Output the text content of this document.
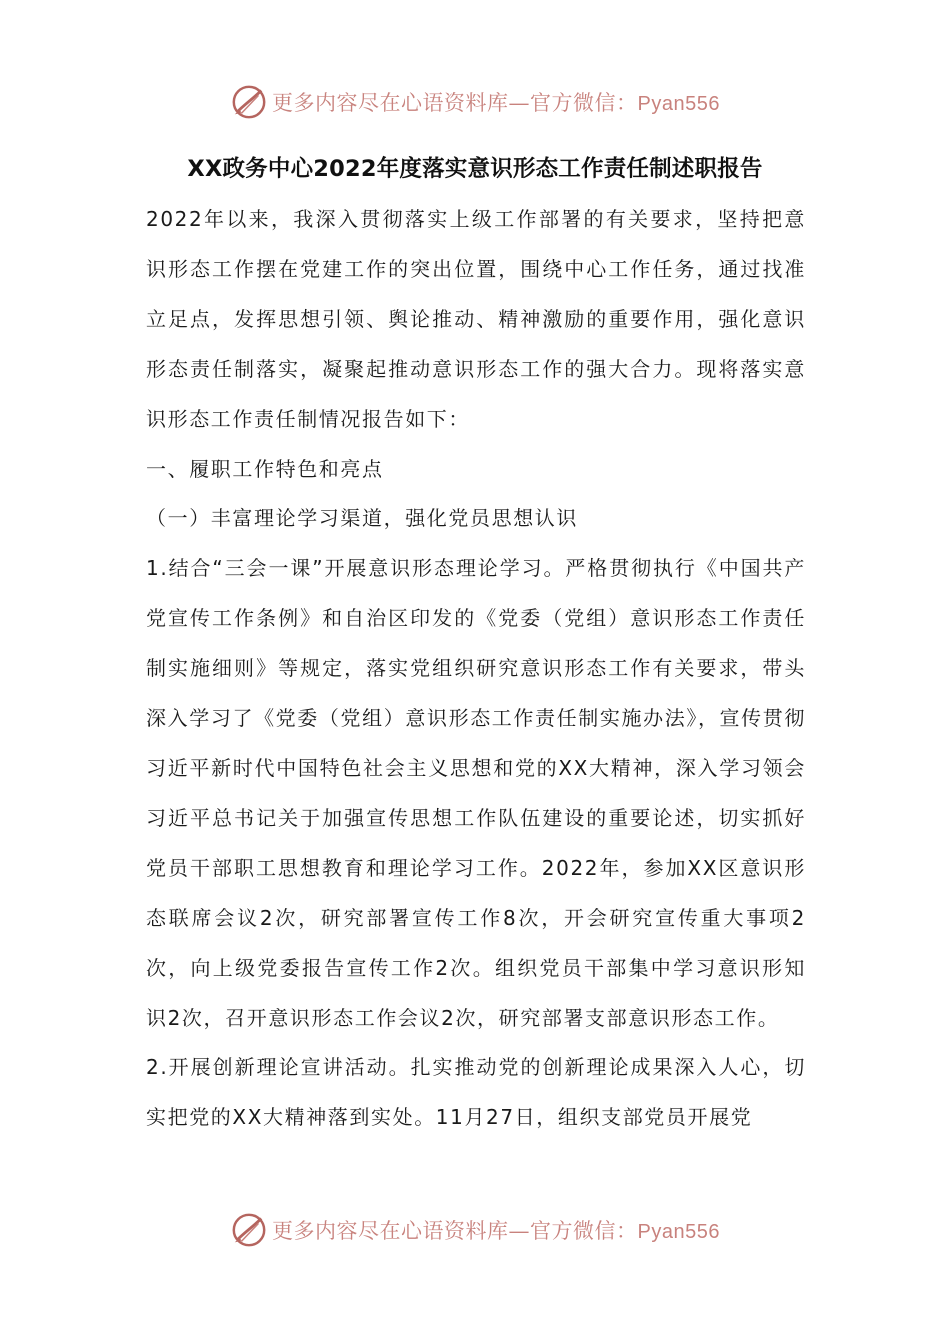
更多内容尽在心语资料库—官方微信：Pyan556
XX政务中心2022年度落实意识形态工作责任制述职报告

2022年以来，我深入贯彻落实上级工作部署的有关要求，坚持把意识形态工作摆在党建工作的突出位置，围绕中心工作任务，通过找准立足点，发挥思想引领、舆论推动、精神激励的重要作用，强化意识形态责任制落实，凝聚起推动意识形态工作的强大合力。现将落实意识形态工作责任制情况报告如下：

一、履职工作特色和亮点

（一）丰富理论学习渠道，强化党员思想认识

1.结合“三会一课”开展意识形态理论学习。严格贯彻执行《中国共产党宣传工作条例》和自治区印发的《党委（党组）意识形态工作责任制实施细则》等规定，落实党组织研究意识形态工作有关要求，带头深入学习了《党委（党组）意识形态工作责任制实施办法》，宣传贯彻习近平新时代中国特色社会主义思想和党的XX大精神，深入学习领会习近平总书记关于加强宣传思想工作队伍建设的重要论述，切实抓好党员干部职工思想教育和理论学习工作。2022年，参加XX区意识形态联席会议2次，研究部署宣传工作8次，开会研究宣传重大事项2次，向上级党委报告宣传工作2次。组织党员干部集中学习意识形知识2次，召开意识形态工作会议2次，研究部署支部意识形态工作。

2.开展创新理论宣讲活动。扎实推动党的创新理论成果深入人心，切实把党的XX大精神落到实处。11月27日，组织支部党员开展党

更多内容尽在心语资料库—官方微信：Pyan556
